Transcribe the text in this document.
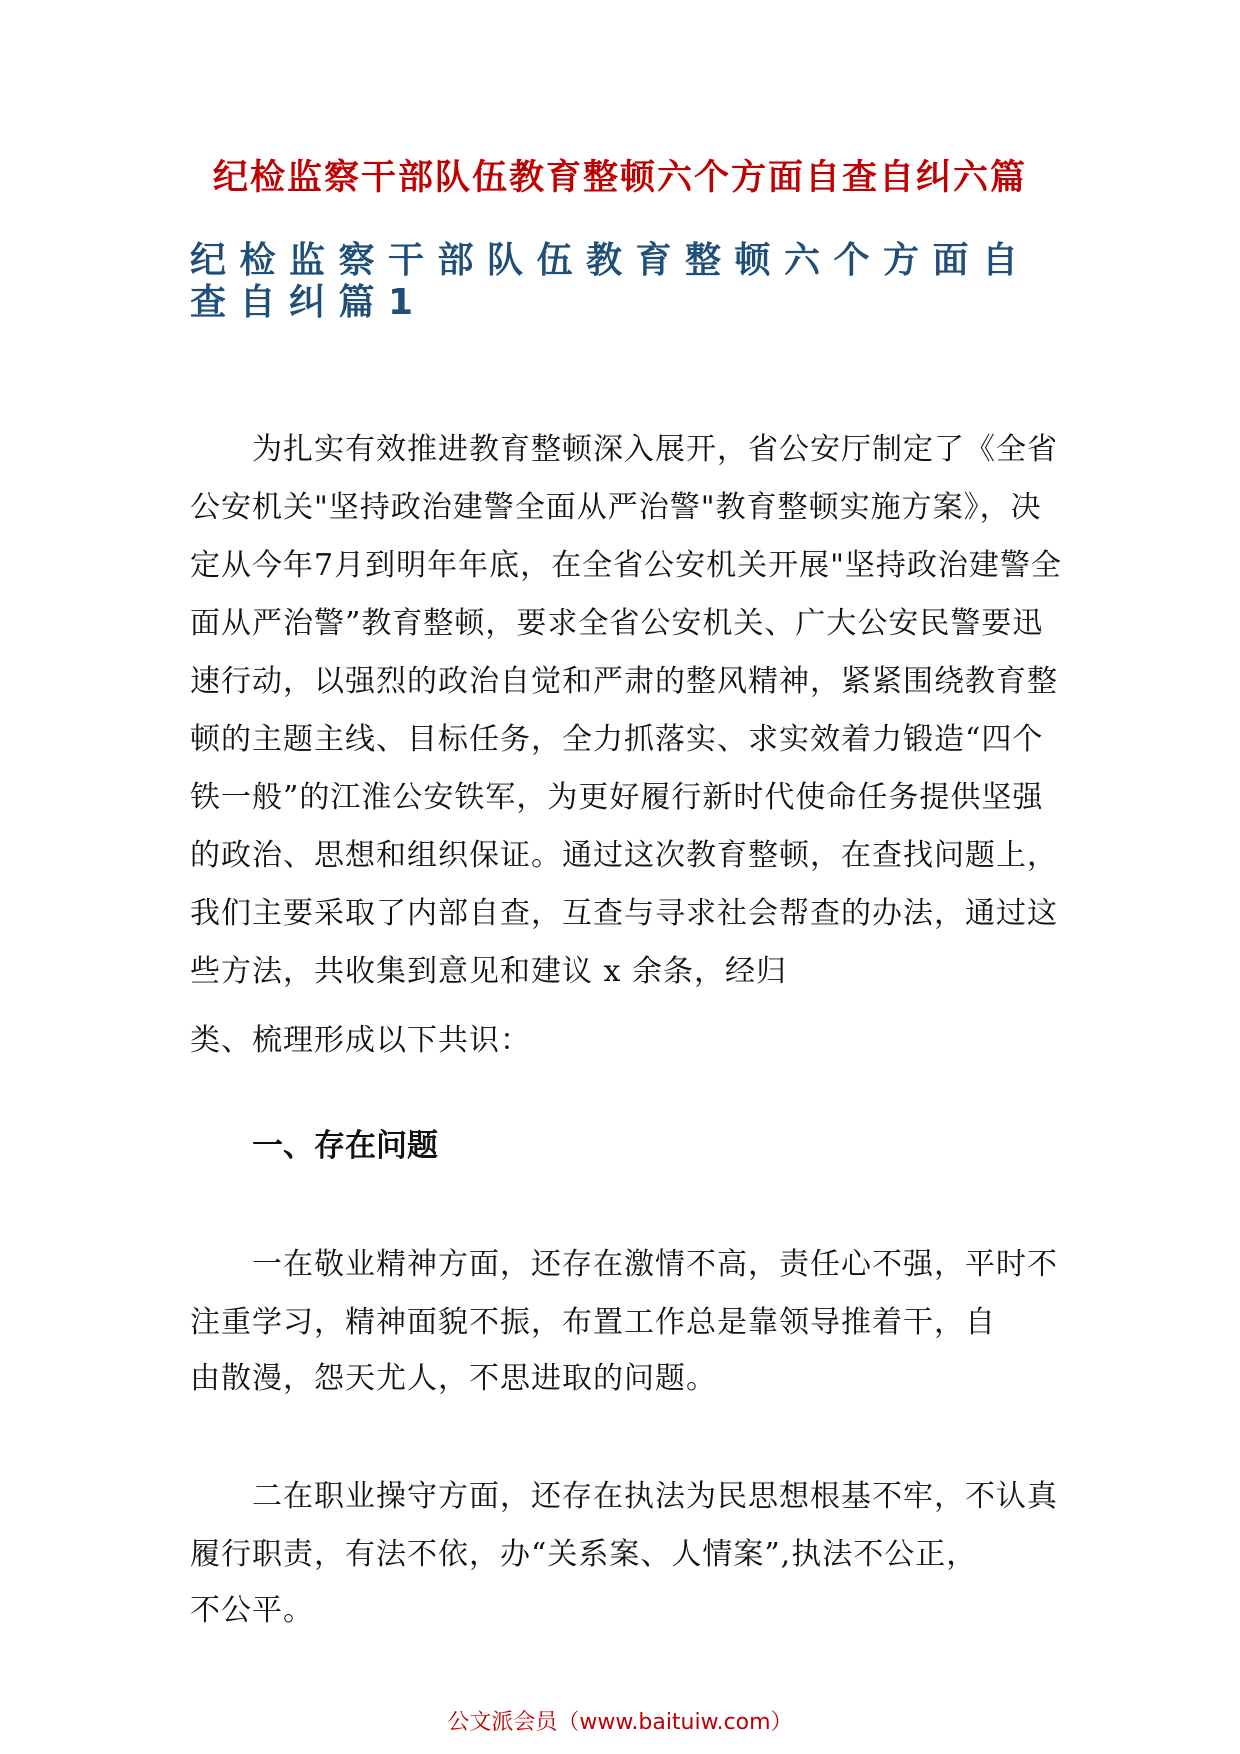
纪检监察干部队伍教育整顿六个方面自查自纠六篇
纪检监察干部队伍教育整顿六个方面自查自纠篇1

为扎实有效推进教育整顿深入展开，省公安厅制定了《全省公安机关"坚持政治建警全面从严治警"教育整顿实施方案》，决定从今年7月到明年年底，在全省公安机关开展"坚持政治建警全面从严治警”教育整顿，要求全省公安机关、广大公安民警要迅速行动，以强烈的政治自觉和严肃的整风精神，紧紧围绕教育整顿的主题主线、目标任务，全力抓落实、求实效着力锻造“四个铁一般”的江淮公安铁军，为更好履行新时代使命任务提供坚强的政治、思想和组织保证。通过这次教育整顿，在查找问题上，我们主要采取了内部自查，互查与寻求社会帮查的办法，通过这些方法，共收集到意见和建议 x 余条，经归

类、梳理形成以下共识：

一、存在问题

一在敬业精神方面，还存在激情不高，责任心不强，平时不注重学习，精神面貌不振，布置工作总是靠领导推着干，自

由散漫，怨天尤人，不思进取的问题。

二在职业操守方面，还存在执法为民思想根基不牢，不认真履行职责，有法不依，办“关系案、人情案”,执法不公正，

不公平。

公文派会员（www.baituiw.com）
